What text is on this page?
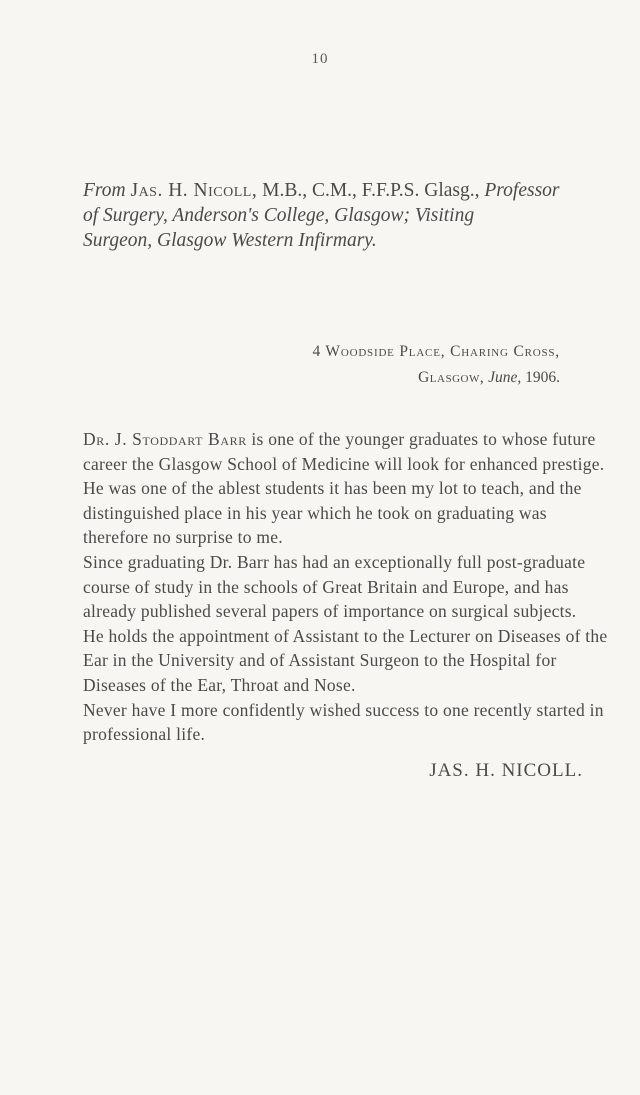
10
From Jas. H. Nicoll, M.B., C.M., F.F.P.S. Glasg., Professor
of Surgery, Anderson's College, Glasgow; Visiting
Surgeon, Glasgow Western Infirmary.
4 Woodside Place, Charing Cross,
Glasgow, June, 1906.

Dr. J. Stoddart Barr is one of the younger graduates to whose future career the Glasgow School of Medicine will look for enhanced prestige.

He was one of the ablest students it has been my lot to teach, and the distinguished place in his year which he took on graduating was therefore no surprise to me.

Since graduating Dr. Barr has had an exceptionally full post-graduate course of study in the schools of Great Britain and Europe, and has already published several papers of importance on surgical subjects.

He holds the appointment of Assistant to the Lecturer on Diseases of the Ear in the University and of Assistant Surgeon to the Hospital for Diseases of the Ear, Throat and Nose.

Never have I more confidently wished success to one recently started in professional life.

JAS. H. NICOLL.
